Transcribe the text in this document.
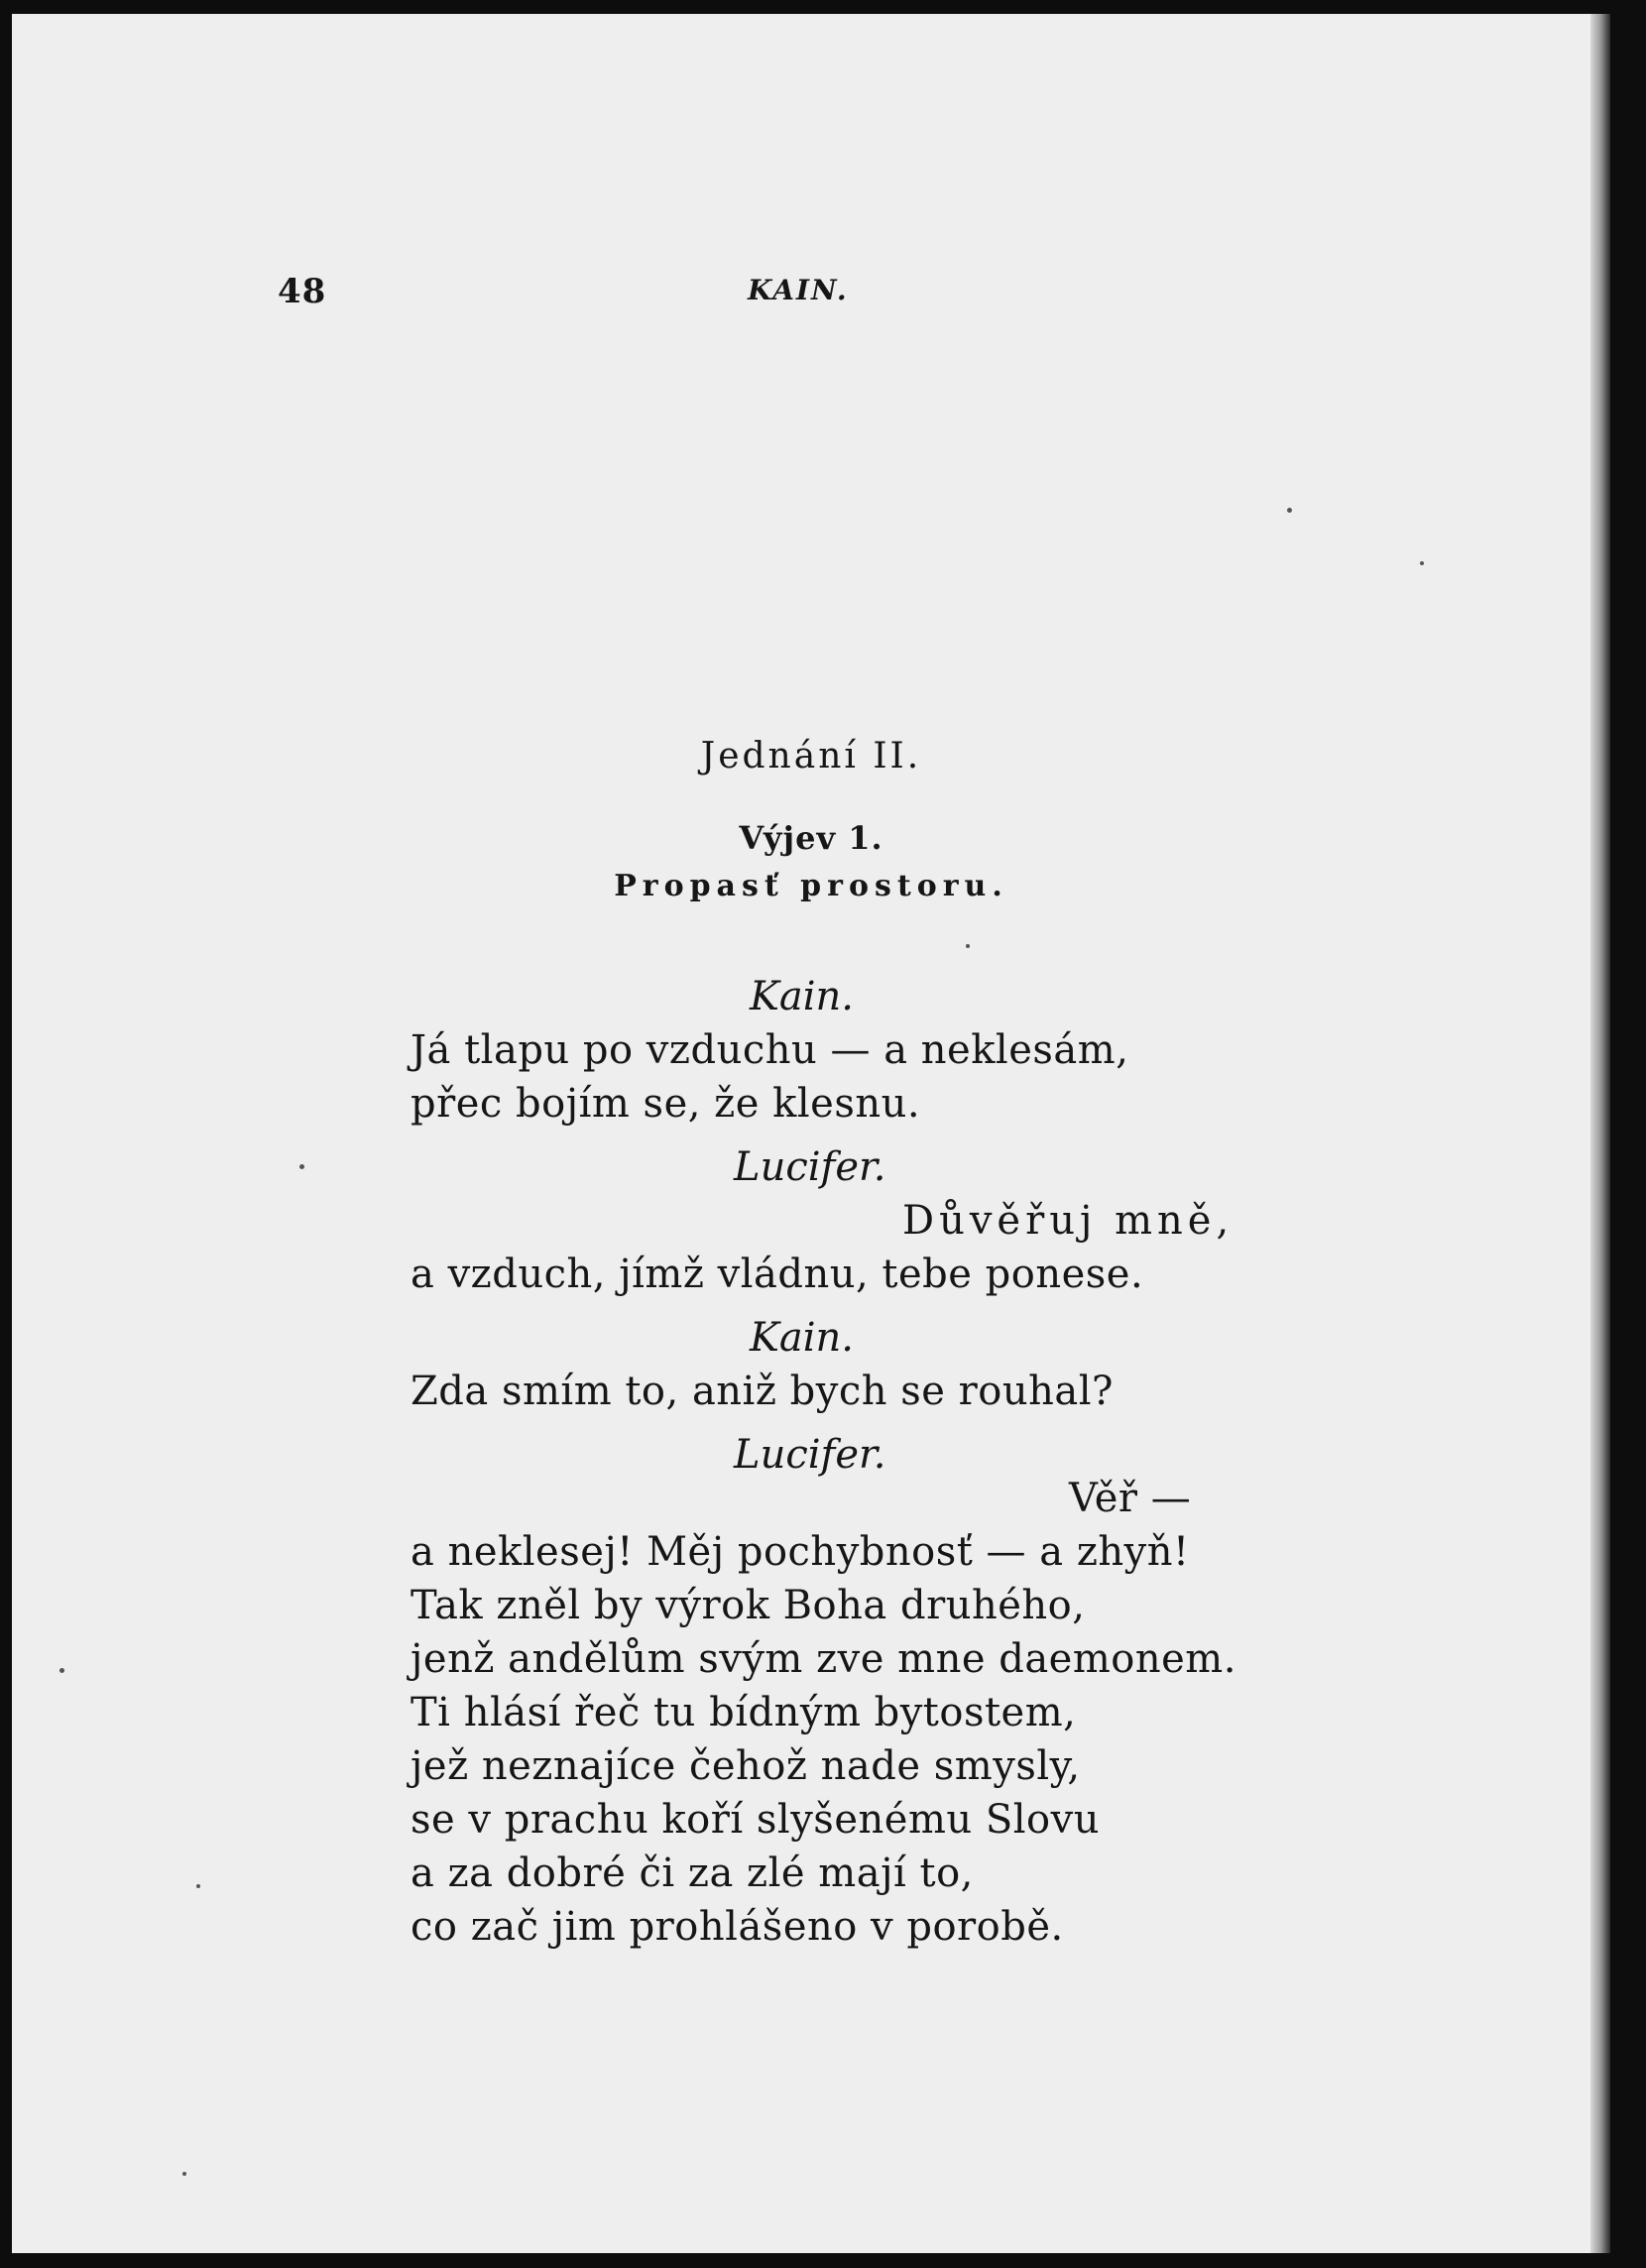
48	KAIN.
Jednání II.
Výjev 1.
Propasť prostoru.
Kain.
Já tlapu po vzduchu — a neklesám,
přec bojím se, že klesnu.
Lucifer.
Důvěřuj mně,
a vzduch, jímž vládnu, tebe ponese.
Kain.
Zda smím to, aniž bych se rouhal?
Lucifer.
Věř —
a neklesej! Měj pochybnosť — a zhyň!
Tak zněl by výrok Boha druhého,
jenž andělům svým zve mne daemonem.
Ti hlásí řeč tu bídným bytostem,
jež neznajíce čehož nade smysly,
se v prachu koří slyšenému Slovu
a za dobré či za zlé mají to,
co zač jim prohlášeno v porobě.
